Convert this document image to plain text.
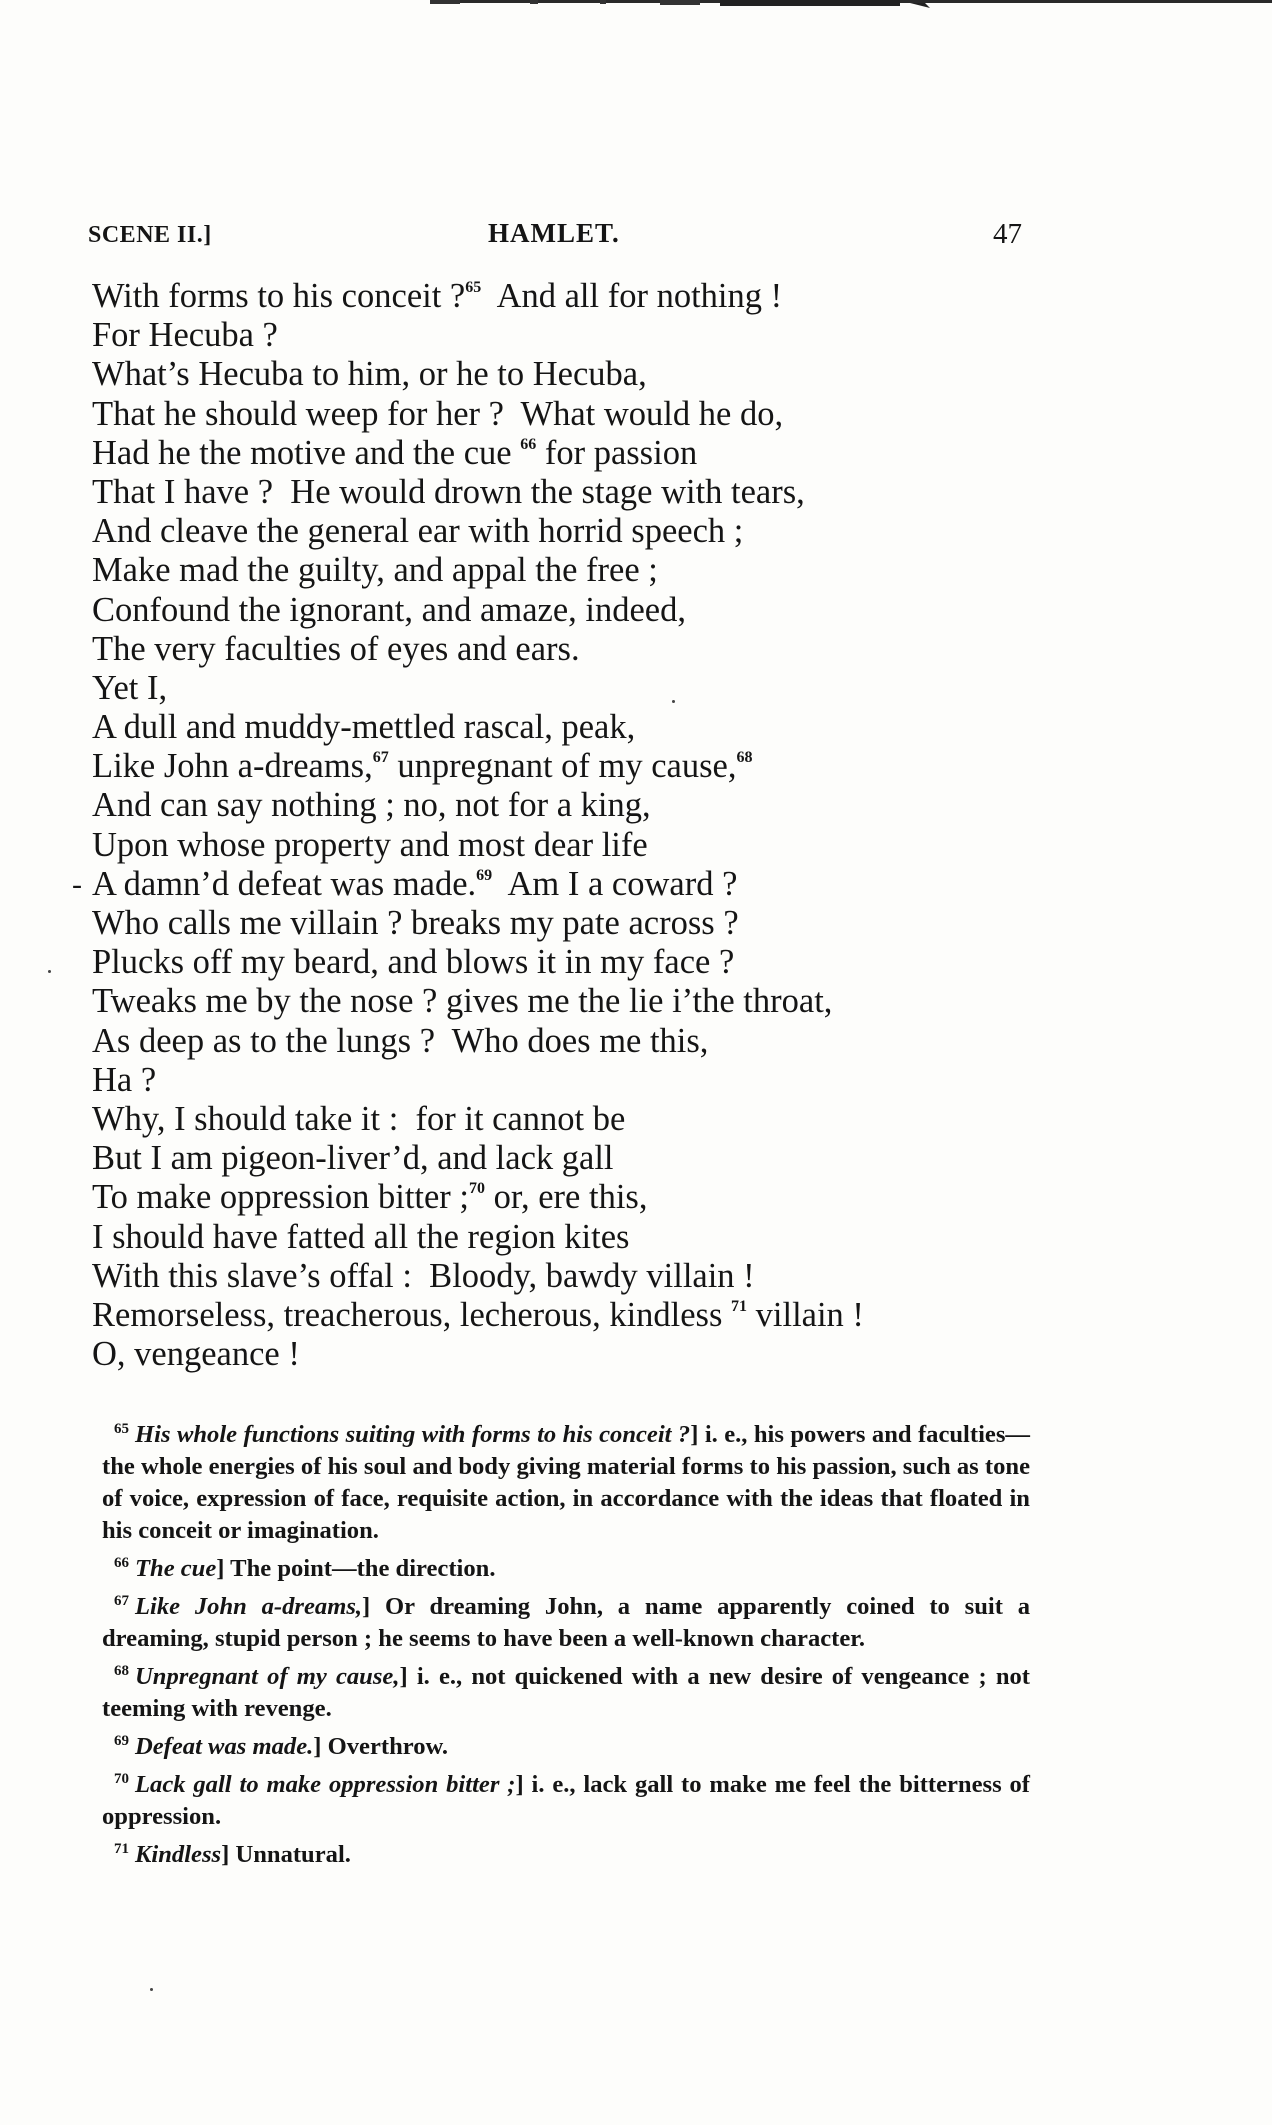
SCENE II.]	HAMLET.	47
With forms to his conceit ?$^{65}$  And all for nothing !
For Hecuba ?
What’s Hecuba to him, or he to Hecuba,
That he should weep for her ?  What would he do,
Had he the motive and the cue $^{66}$ for passion
That I have ?  He would drown the stage with tears,
And cleave the general ear with horrid speech ;
Make mad the guilty, and appal the free ;
Confound the ignorant, and amaze, indeed,
The very faculties of eyes and ears.
Yet I,
A dull and muddy-mettled rascal, peak,
Like John a-dreams,$^{67}$ unpregnant of my cause,$^{68}$
And can say nothing ; no, not for a king,
Upon whose property and most dear life
- A damn’d defeat was made.$^{69}$  Am I a coward ?
Who calls me villain ? breaks my pate across ?
Plucks off my beard, and blows it in my face ?
Tweaks me by the nose ? gives me the lie i’the throat,
As deep as to the lungs ?  Who does me this,
Ha ?
Why, I should take it :  for it cannot be
But I am pigeon-liver’d, and lack gall
To make oppression bitter ;$^{70}$ or, ere this,
I should have fatted all the region kites
With this slave’s offal :  Bloody, bawdy villain !
Remorseless, treacherous, lecherous, kindless $^{71}$ villain !
O, vengeance !

$^{65}$ His whole functions suiting with forms to his conceit ?] i. e., his powers and faculties—the whole energies of his soul and body giving material forms to his passion, such as tone of voice, expression of face, requisite action, in accordance with the ideas that floated in his conceit or imagination.

$^{66}$ The cue] The point—the direction.

$^{67}$ Like John a-dreams,] Or dreaming John, a name apparently coined to suit a dreaming, stupid person ; he seems to have been a well-known character.

$^{68}$ Unpregnant of my cause,] i. e., not quickened with a new desire of vengeance ; not teeming with revenge.

$^{69}$ Defeat was made.] Overthrow.

$^{70}$ Lack gall to make oppression bitter ;] i. e., lack gall to make me feel the bitterness of oppression.

$^{71}$ Kindless] Unnatural.
